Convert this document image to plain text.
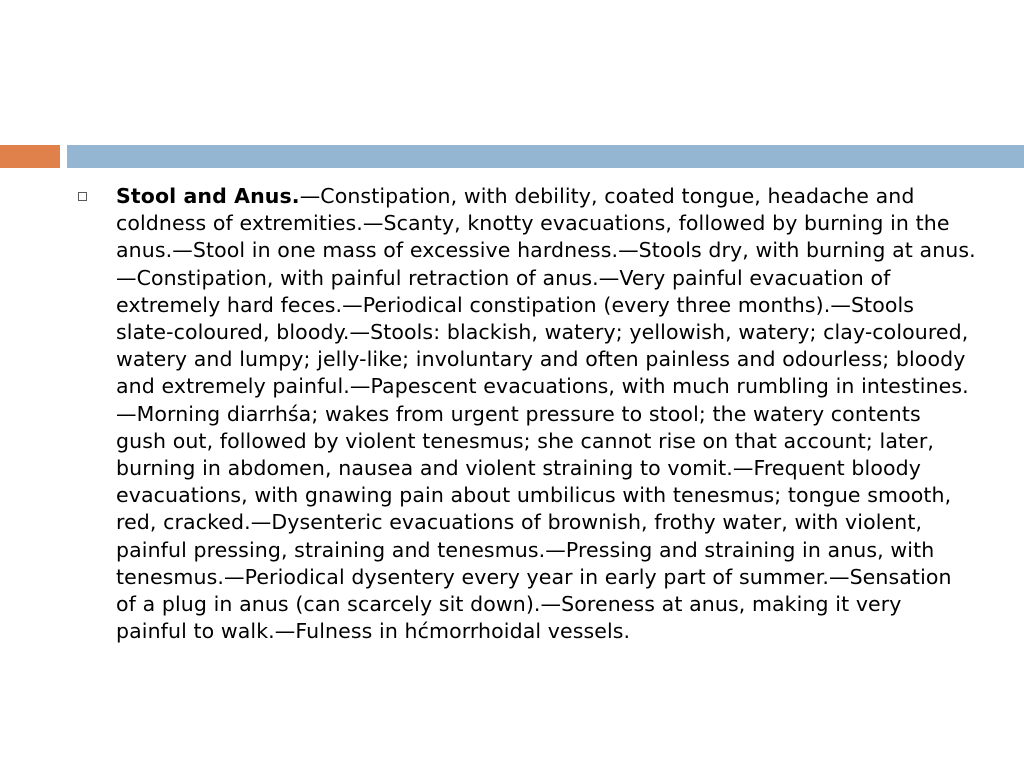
Stool and Anus.—Constipation, with debility, coated tongue, headache and coldness of extremities.—Scanty, knotty evacuations, followed by burning in the anus.—Stool in one mass of excessive hardness.—Stools dry, with burning at anus.—Constipation, with painful retraction of anus.—Very painful evacuation of extremely hard feces.—Periodical constipation (every three months).—Stools slate-coloured, bloody.—Stools: blackish, watery; yellowish, watery; clay-coloured, watery and lumpy; jelly-like; involuntary and often painless and odourless; bloody and extremely painful.—Papescent evacuations, with much rumbling in intestines.—Morning diarrhśa; wakes from urgent pressure to stool; the watery contents gush out, followed by violent tenesmus; she cannot rise on that account; later, burning in abdomen, nausea and violent straining to vomit.—Frequent bloody evacuations, with gnawing pain about umbilicus with tenesmus; tongue smooth, red, cracked.—Dysenteric evacuations of brownish, frothy water, with violent, painful pressing, straining and tenesmus.—Pressing and straining in anus, with tenesmus.—Periodical dysentery every year in early part of summer.—Sensation of a plug in anus (can scarcely sit down).—Soreness at anus, making it very painful to walk.—Fulness in hćmorrhoidal vessels.
